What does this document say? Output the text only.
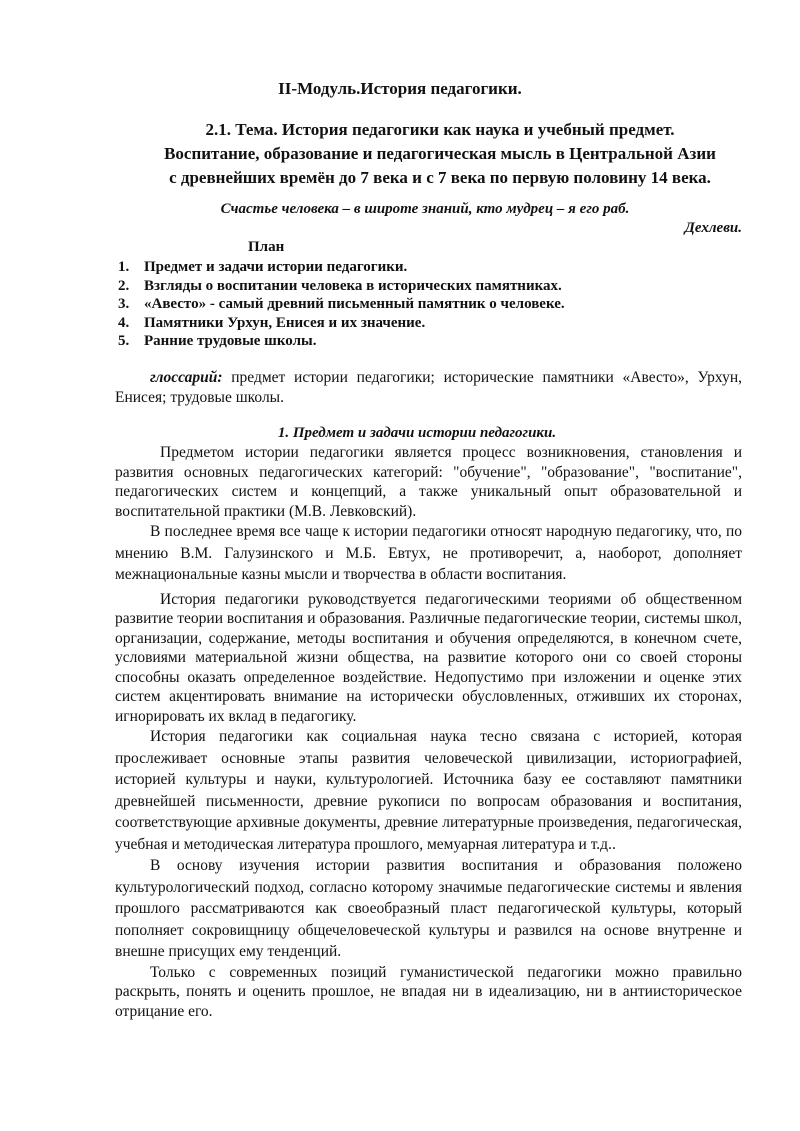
II-Модуль.История педагогики.
2.1. Тема. История педагогики как наука и учебный предмет.
Воспитание, образование и педагогическая мысль в Центральной Азии
с древнейших времён до 7 века и с 7 века по первую половину 14 века.
Счастье человека – в широте знаний, кто мудрец – я его раб.
Дехлеви.
План
1. Предмет и задачи истории педагогики.
2. Взгляды о воспитании человека в исторических памятниках.
3. «Авесто» - самый древний письменный памятник о человеке.
4. Памятники Урхун, Енисея и их значение.
5. Ранние трудовые школы.
глоссарий: предмет истории педагогики; исторические памятники «Авесто», Урхун, Енисея; трудовые школы.
1. Предмет и задачи истории педагогики.

Предметом истории педагогики является процесс возникновения, становления и развития основных педагогических категорий: "обучение", "образование", "воспитание", педагогических систем и концепций, а также уникальный опыт образовательной и воспитательной практики (М.В. Левковский).

В последнее время все чаще к истории педагогики относят народную педагогику, что, по мнению В.М. Галузинского и М.Б. Евтух, не противоречит, а, наоборот, дополняет межнациональные казны мысли и творчества в области воспитания.

История педагогики руководствуется педагогическими теориями об общественном развитие теории воспитания и образования. Различные педагогические теории, системы школ, организации, содержание, методы воспитания и обучения определяются, в конечном счете, условиями материальной жизни общества, на развитие которого они со своей стороны способны оказать определенное воздействие. Недопустимо при изложении и оценке этих систем акцентировать внимание на исторически обусловленных, отживших их сторонах, игнорировать их вклад в педагогику.

История педагогики как социальная наука тесно связана с историей, которая прослеживает основные этапы развития человеческой цивилизации, историографией, историей культуры и науки, культурологией. Источника базу ее составляют памятники древнейшей письменности, древние рукописи по вопросам образования и воспитания, соответствующие архивные документы, древние литературные произведения, педагогическая, учебная и методическая литература прошлого, мемуарная литература и т.д..

В основу изучения истории развития воспитания и образования положено культурологический подход, согласно которому значимые педагогические системы и явления прошлого рассматриваются как своеобразный пласт педагогической культуры, который пополняет сокровищницу общечеловеческой культуры и развился на основе внутренне и внешне присущих ему тенденций.

Только с современных позиций гуманистической педагогики можно правильно раскрыть, понять и оценить прошлое, не впадая ни в идеализацию, ни в антиисторическое отрицание его.
